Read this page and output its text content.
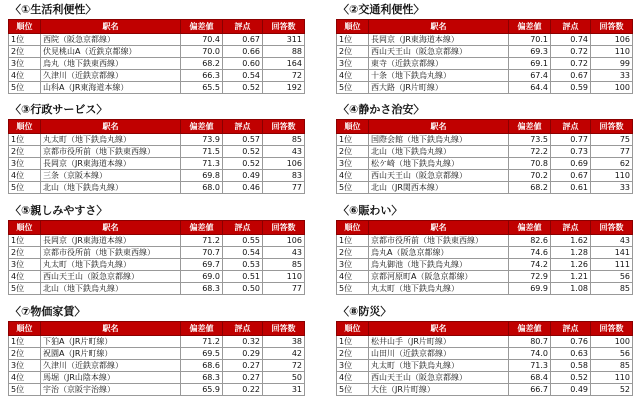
〈①生活利便性〉
順位	駅名	偏差値	評点	回答数
1位	西院（阪急京都線）	70.4	0.67	311
2位	伏見桃山A（近鉄京都線）	70.0	0.66	88
3位	烏丸（地下鉄東西線）	68.2	0.60	164
4位	久津川（近鉄京都線）	66.3	0.54	72
5位	山科A（JR東海道本線）	65.5	0.52	192
〈②交通利便性〉
順位	駅名	偏差値	評点	回答数
1位	長岡京（JR東海道本線）	70.1	0.74	106
2位	西山天王山（阪急京都線）	69.3	0.72	110
3位	東寺（近鉄京都線）	69.1	0.72	99
4位	十条（地下鉄烏丸線）	67.4	0.67	33
5位	西大路（JR片町線）	64.4	0.59	100
〈③行政サービス〉
順位	駅名	偏差値	評点	回答数
1位	丸太町（地下鉄烏丸線）	73.9	0.57	85
2位	京都市役所前（地下鉄東西線）	71.5	0.52	43
3位	長岡京（JR東海道本線）	71.3	0.52	106
4位	三条（京阪本線）	69.8	0.49	83
5位	北山（地下鉄烏丸線）	68.0	0.46	77
〈④静かさ治安〉
順位	駅名	偏差値	評点	回答数
1位	国際会館（地下鉄烏丸線）	73.5	0.77	75
2位	北山（地下鉄烏丸線）	72.2	0.73	77
3位	松ケ崎（地下鉄烏丸線）	70.8	0.69	62
4位	西山天王山（阪急京都線）	70.2	0.67	110
5位	北山（JR関西本線）	68.2	0.61	33
〈⑤親しみやすさ〉
順位	駅名	偏差値	評点	回答数
1位	長岡京（JR東海道本線）	71.2	0.55	106
2位	京都市役所前（地下鉄東西線）	70.7	0.54	43
3位	丸太町（地下鉄烏丸線）	69.7	0.53	85
4位	西山天王山（阪急京都線）	69.0	0.51	110
5位	北山（地下鉄烏丸線）	68.3	0.50	77
〈⑥賑わい〉
順位	駅名	偏差値	評点	回答数
1位	京都市役所前（地下鉄東西線）	82.6	1.62	43
2位	烏丸A（阪急京都線）	74.6	1.28	141
3位	烏丸御池（地下鉄烏丸線）	74.2	1.26	111
4位	京都河原町A（阪急京都線）	72.9	1.21	56
5位	丸太町（地下鉄烏丸線）	69.9	1.08	85
〈⑦物価家賃〉
順位	駅名	偏差値	評点	回答数
1位	下狛A（JR片町線）	71.2	0.32	38
2位	祝園A（JR片町線）	69.5	0.29	42
3位	久津川（近鉄京都線）	68.6	0.27	72
4位	馬堀（JR山陰本線）	68.3	0.27	50
5位	宇治（京阪宇治線）	65.9	0.22	31
〈⑧防災〉
順位	駅名	偏差値	評点	回答数
1位	松井山手（JR片町線）	80.7	0.76	100
2位	山田川（近鉄京都線）	74.0	0.63	56
3位	丸太町（地下鉄烏丸線）	71.3	0.58	85
4位	西山天王山（阪急京都線）	68.4	0.52	110
5位	大住（JR片町線）	66.7	0.49	52
